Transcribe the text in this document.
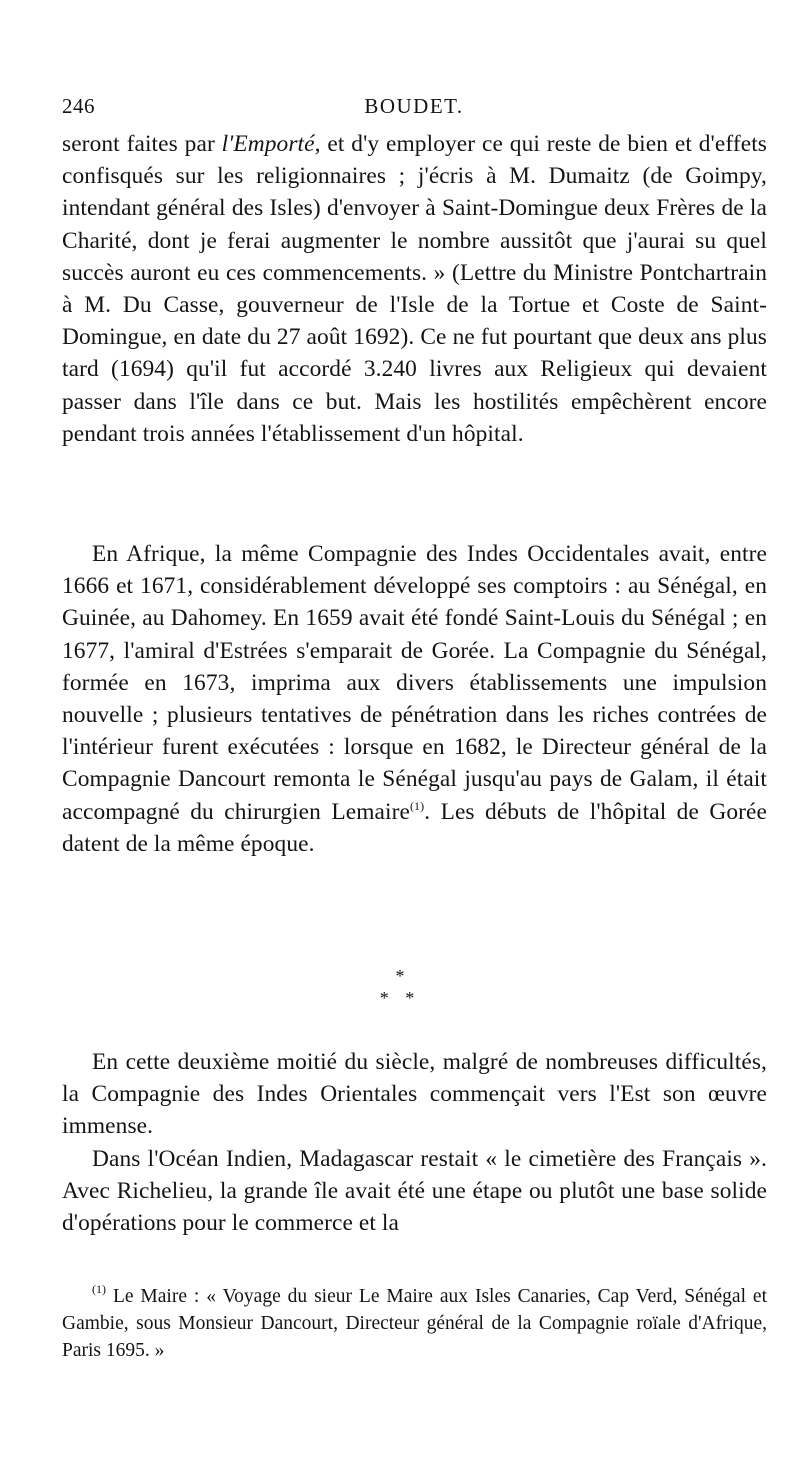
246	BOUDET.

seront faites par l'Emporté, et d'y employer ce qui reste de bien et d'effets confisqués sur les religionnaires ; j'écris à M. Dumaitz (de Goimpy, intendant général des Isles) d'envoyer à Saint-Domingue deux Frères de la Charité, dont je ferai augmenter le nombre aussitôt que j'aurai su quel succès auront eu ces commencements. » (Lettre du Ministre Pontchartrain à M. Du Casse, gouverneur de l'Isle de la Tortue et Coste de Saint-Domingue, en date du 27 août 1692). Ce ne fut pourtant que deux ans plus tard (1694) qu'il fut accordé 3.240 livres aux Religieux qui devaient passer dans l'île dans ce but. Mais les hostilités empêchèrent encore pendant trois années l'établissement d'un hôpital.

En Afrique, la même Compagnie des Indes Occidentales avait, entre 1666 et 1671, considérablement développé ses comptoirs : au Sénégal, en Guinée, au Dahomey. En 1659 avait été fondé Saint-Louis du Sénégal ; en 1677, l'amiral d'Estrées s'emparait de Gorée. La Compagnie du Sénégal, formée en 1673, imprima aux divers établissements une impulsion nouvelle ; plusieurs tentatives de pénétration dans les riches contrées de l'intérieur furent exécutées : lorsque en 1682, le Directeur général de la Compagnie Dancourt remonta le Sénégal jusqu'au pays de Galam, il était accompagné du chirurgien Lemaire$^{(1)}$. Les débuts de l'hôpital de Gorée datent de la même époque.

*
* *

En cette deuxième moitié du siècle, malgré de nombreuses difficultés, la Compagnie des Indes Orientales commençait vers l'Est son œuvre immense.

Dans l'Océan Indien, Madagascar restait « le cimetière des Français ». Avec Richelieu, la grande île avait été une étape ou plutôt une base solide d'opérations pour le commerce et la

$^{(1)}$ Le Maire : « Voyage du sieur Le Maire aux Isles Canaries, Cap Verd, Sénégal et Gambie, sous Monsieur Dancourt, Directeur général de la Compagnie roïale d'Afrique, Paris 1695. »
